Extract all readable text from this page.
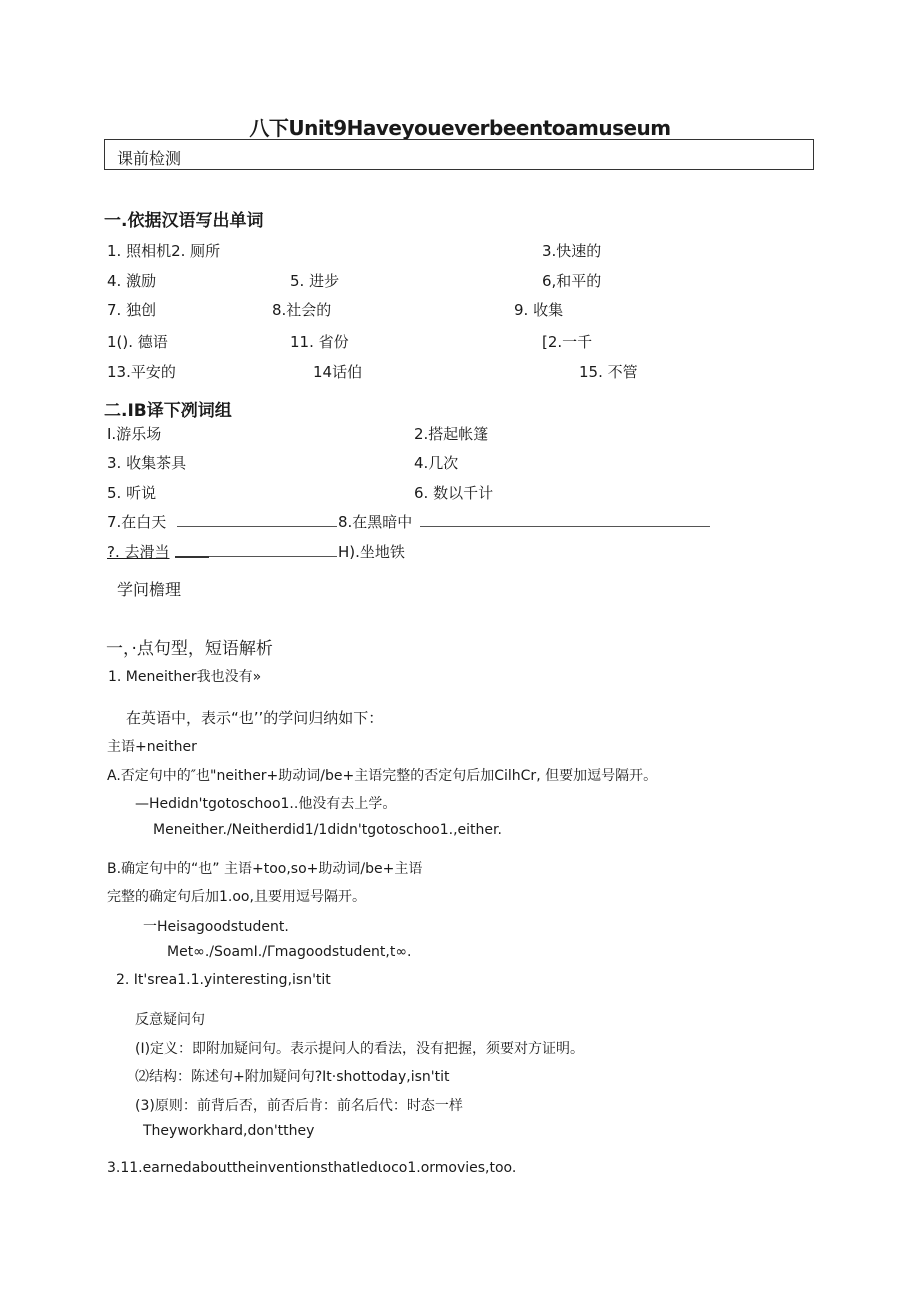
八下Unit9Haveyoueverbeentoamuseum
课前检测
一.依据汉语写出单词
1. 照相机2. 厕所	3.快速的
4. 激励	5. 进步	6,和平的
7. 独创	8.社会的	9. 收集
1(). 德语	11. 省份	[2.一千
13.平安的	14话伯	15. 不管
二.IB译下冽词组
I.游乐场	2.搭起帐篷
3. 收集茶具	4.几次
5. 听说	6. 数以千计
7.在白天	8.在黑暗中
?. 去滑当	H).坐地铁
学问檐理
一，·点句型，短语解析
1. Meneither我也没有»
在英语中，表示“也’’的学问归纳如下：
主语+neither
A.否定句中的″也"neither+助动词/be+主语完整的否定句后加CilhCr, 但要加逗号隔开。
—Hedidn'tgotoschoo1..他没有去上学。
Meneither./Neitherdid1/1didn'tgotoschoo1.,either.
B.确定句中的“也” 主语+too,so+助动词/be+主语
完整的确定句后加1.oo,且要用逗号隔开。
一Heisagoodstudent.
Met∞./SoamI./Γmagoodstudent,t∞.
2. It'srea1.1.yinteresting,isn'tit
反意疑问句
(I)定义：即附加疑问句。表示提问人的看法，没有把握，须要对方证明。
⑵结构：陈述句+附加疑问句?It·shottoday,isn'tit
(3)原则：前背后否，前否后肯：前名后代：时态一样
Theyworkhard,don'tthey
3.11.earnedabouttheinventionsthatIedιoco1.ormovies,too.
